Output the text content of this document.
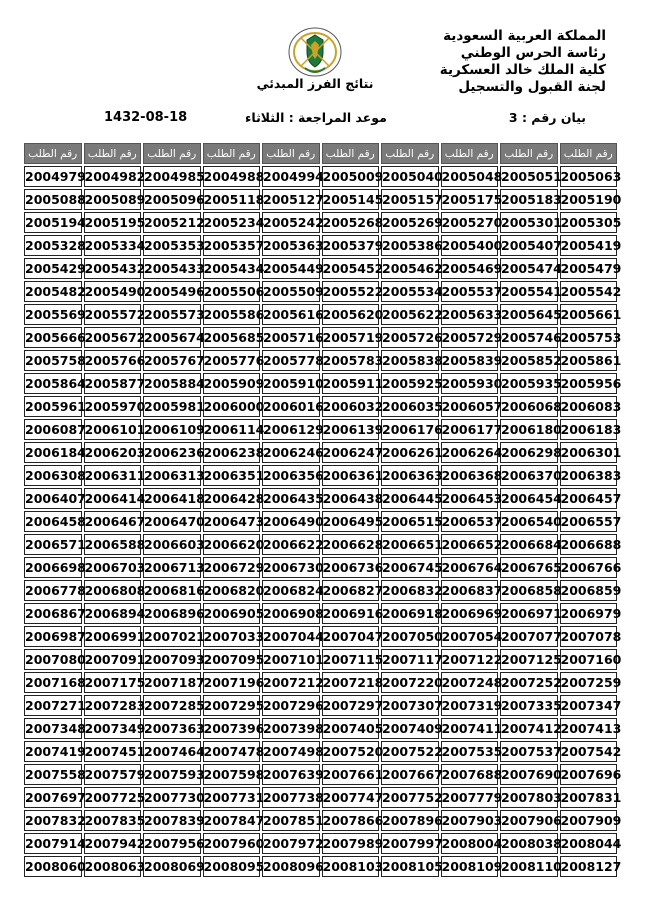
المملكة العربية السعودية
رئاسة الحرس الوطني
كلية الملك خالد العسكرية
لجنة القبول والتسجيل
نتائج الفرز المبدئي
بيان رقم : 3
موعد المراجعة : الثلاثاء
1432-08-18
رقم الطلب	رقم الطلب	رقم الطلب	رقم الطلب	رقم الطلب	رقم الطلب	رقم الطلب	رقم الطلب	رقم الطلب	رقم الطلب
2004979	2004982	2004985	2004988	2004994	2005009	2005040	2005048	2005051	2005063
2005088	2005089	2005096	2005118	2005127	2005145	2005157	2005175	2005183	2005190
2005194	2005195	2005212	2005234	2005242	2005268	2005269	2005270	2005301	2005305
2005328	2005334	2005353	2005357	2005363	2005379	2005386	2005400	2005407	2005419
2005429	2005432	2005433	2005434	2005449	2005452	2005462	2005469	2005474	2005479
2005482	2005490	2005496	2005506	2005509	2005522	2005534	2005537	2005541	2005542
2005569	2005572	2005573	2005586	2005616	2005620	2005622	2005633	2005645	2005661
2005666	2005672	2005674	2005685	2005716	2005719	2005726	2005729	2005746	2005753
2005758	2005766	2005767	2005776	2005778	2005783	2005838	2005839	2005852	2005861
2005864	2005877	2005884	2005909	2005910	2005911	2005925	2005930	2005935	2005956
2005961	2005970	2005981	2006000	2006016	2006032	2006035	2006057	2006068	2006083
2006087	2006101	2006109	2006114	2006129	2006139	2006176	2006177	2006180	2006183
2006184	2006203	2006236	2006238	2006246	2006247	2006261	2006264	2006298	2006301
2006308	2006311	2006313	2006351	2006356	2006361	2006363	2006368	2006370	2006383
2006407	2006414	2006418	2006428	2006435	2006438	2006445	2006453	2006454	2006457
2006458	2006467	2006470	2006473	2006490	2006495	2006515	2006537	2006540	2006557
2006571	2006588	2006603	2006620	2006622	2006628	2006651	2006652	2006684	2006688
2006698	2006703	2006713	2006729	2006730	2006736	2006745	2006764	2006765	2006766
2006778	2006808	2006816	2006820	2006824	2006827	2006832	2006837	2006858	2006859
2006867	2006894	2006896	2006905	2006908	2006916	2006918	2006969	2006971	2006979
2006987	2006991	2007021	2007033	2007044	2007047	2007050	2007054	2007077	2007078
2007080	2007091	2007093	2007095	2007101	2007115	2007117	2007122	2007125	2007160
2007168	2007175	2007187	2007196	2007212	2007218	2007220	2007248	2007252	2007259
2007271	2007283	2007285	2007295	2007296	2007297	2007307	2007319	2007335	2007347
2007348	2007349	2007363	2007396	2007398	2007405	2007409	2007411	2007412	2007413
2007419	2007451	2007464	2007478	2007498	2007520	2007522	2007535	2007537	2007542
2007558	2007579	2007593	2007598	2007639	2007661	2007667	2007688	2007690	2007696
2007697	2007725	2007730	2007731	2007738	2007747	2007752	2007779	2007803	2007831
2007832	2007835	2007839	2007847	2007851	2007866	2007896	2007903	2007906	2007909
2007914	2007942	2007956	2007960	2007972	2007989	2007997	2008004	2008038	2008044
2008060	2008063	2008069	2008095	2008096	2008103	2008105	2008109	2008110	2008127
